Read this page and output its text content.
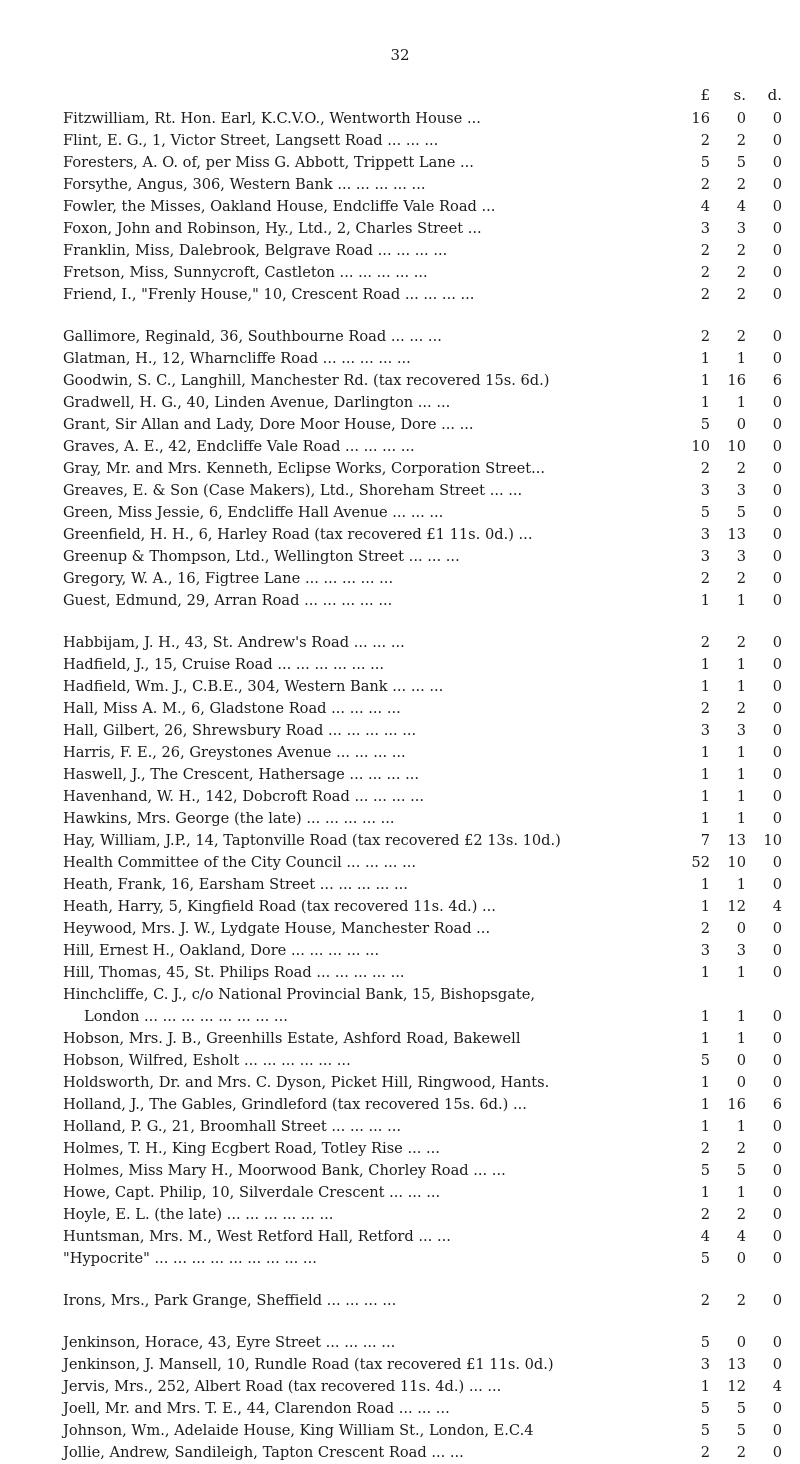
32
£	s.	d.
Fitzwilliam, Rt. Hon. Earl, K.C.V.O., Wentworth House ...	16	0	0
Flint, E. G., 1, Victor Street, Langsett Road ... ... ...	2	2	0
Foresters, A. O. of, per Miss G. Abbott, Trippett Lane ...	5	5	0
Forsythe, Angus, 306, Western Bank ... ... ... ... ...	2	2	0
Fowler, the Misses, Oakland House, Endcliffe Vale Road ...	4	4	0
Foxon, John and Robinson, Hy., Ltd., 2, Charles Street ...	3	3	0
Franklin, Miss, Dalebrook, Belgrave Road ... ... ... ...	2	2	0
Fretson, Miss, Sunnycroft, Castleton ... ... ... ... ...	2	2	0
Friend, I., "Frenly House," 10, Crescent Road ... ... ... ...	2	2	0
Gallimore, Reginald, 36, Southbourne Road ... ... ...	2	2	0
Glatman, H., 12, Wharncliffe Road ... ... ... ... ...	1	1	0
Goodwin, S. C., Langhill, Manchester Rd. (tax recovered 15s. 6d.)	1	16	6
Gradwell, H. G., 40, Linden Avenue, Darlington ... ...	1	1	0
Grant, Sir Allan and Lady, Dore Moor House, Dore ... ...	5	0	0
Graves, A. E., 42, Endcliffe Vale Road ... ... ... ...	10	10	0
Gray, Mr. and Mrs. Kenneth, Eclipse Works, Corporation Street...	2	2	0
Greaves, E. & Son (Case Makers), Ltd., Shoreham Street ... ...	3	3	0
Green, Miss Jessie, 6, Endcliffe Hall Avenue ... ... ...	5	5	0
Greenfield, H. H., 6, Harley Road (tax recovered £1 11s. 0d.) ...	3	13	0
Greenup & Thompson, Ltd., Wellington Street ... ... ...	3	3	0
Gregory, W. A., 16, Figtree Lane ... ... ... ... ...	2	2	0
Guest, Edmund, 29, Arran Road ... ... ... ... ...	1	1	0
Habbijam, J. H., 43, St. Andrew's Road ... ... ...	2	2	0
Hadfield, J., 15, Cruise Road ... ... ... ... ... ...	1	1	0
Hadfield, Wm. J., C.B.E., 304, Western Bank ... ... ...	1	1	0
Hall, Miss A. M., 6, Gladstone Road ... ... ... ...	2	2	0
Hall, Gilbert, 26, Shrewsbury Road ... ... ... ... ...	3	3	0
Harris, F. E., 26, Greystones Avenue ... ... ... ...	1	1	0
Haswell, J., The Crescent, Hathersage ... ... ... ...	1	1	0
Havenhand, W. H., 142, Dobcroft Road ... ... ... ...	1	1	0
Hawkins, Mrs. George (the late) ... ... ... ... ...	1	1	0
Hay, William, J.P., 14, Taptonville Road (tax recovered £2 13s. 10d.)	7	13	10
Health Committee of the City Council ... ... ... ...	52	10	0
Heath, Frank, 16, Earsham Street ... ... ... ... ...	1	1	0
Heath, Harry, 5, Kingfield Road (tax recovered 11s. 4d.) ...	1	12	4
Heywood, Mrs. J. W., Lydgate House, Manchester Road ...	2	0	0
Hill, Ernest H., Oakland, Dore ... ... ... ... ...	3	3	0
Hill, Thomas, 45, St. Philips Road ... ... ... ... ...	1	1	0
Hinchcliffe, C. J., c/o National Provincial Bank, 15, Bishopsgate,
London ... ... ... ... ... ... ... ...	1	1	0
Hobson, Mrs. J. B., Greenhills Estate, Ashford Road, Bakewell	1	1	0
Hobson, Wilfred, Esholt ... ... ... ... ... ...	5	0	0
Holdsworth, Dr. and Mrs. C. Dyson, Picket Hill, Ringwood, Hants.	1	0	0
Holland, J., The Gables, Grindleford (tax recovered 15s. 6d.) ...	1	16	6
Holland, P. G., 21, Broomhall Street ... ... ... ...	1	1	0
Holmes, T. H., King Ecgbert Road, Totley Rise ... ...	2	2	0
Holmes, Miss Mary H., Moorwood Bank, Chorley Road ... ...	5	5	0
Howe, Capt. Philip, 10, Silverdale Crescent ... ... ...	1	1	0
Hoyle, E. L. (the late) ... ... ... ... ... ...	2	2	0
Huntsman, Mrs. M., West Retford Hall, Retford ... ...	4	4	0
"Hypocrite" ... ... ... ... ... ... ... ... ...	5	0	0
Irons, Mrs., Park Grange, Sheffield ... ... ... ...	2	2	0
Jenkinson, Horace, 43, Eyre Street ... ... ... ...	5	0	0
Jenkinson, J. Mansell, 10, Rundle Road (tax recovered £1 11s. 0d.)	3	13	0
Jervis, Mrs., 252, Albert Road (tax recovered 11s. 4d.) ... ...	1	12	4
Joell, Mr. and Mrs. T. E., 44, Clarendon Road ... ... ...	5	5	0
Johnson, Wm., Adelaide House, King William St., London, E.C.4	5	5	0
Jollie, Andrew, Sandileigh, Tapton Crescent Road ... ...	2	2	0
